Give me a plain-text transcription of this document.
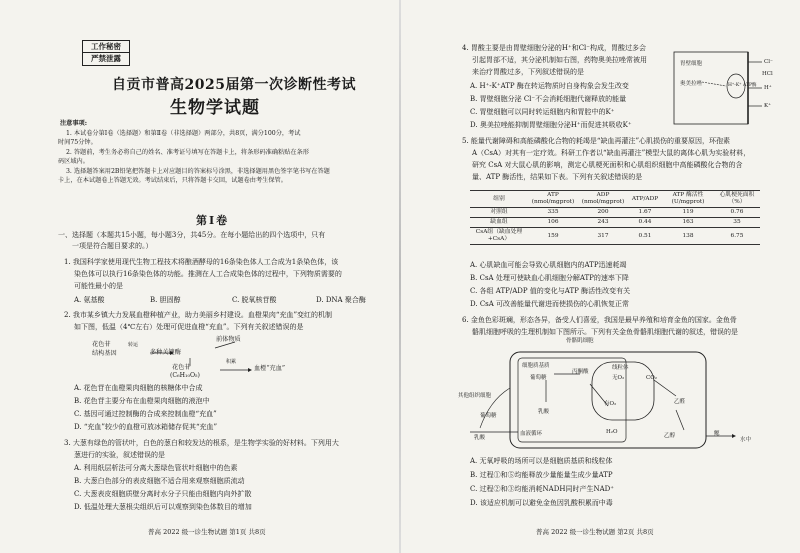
工作秘密
严禁泄露
自贡市普高2025届第一次诊断性考试
生物学试题
注意事项:
1. 本试卷分第Ⅰ卷（选择题）和第Ⅱ卷（非选择题）两部分，共8页，满分100分，考试
时间75分钟。
2. 答题前，考生务必将自己的姓名、准考证号填写在答题卡上，将条形码准确粘贴在条形
码区域内。
3. 选择题答案用2B铅笔把答题卡上对应题目的答案标号涂黑，非选择题用黑色签字笔书写在答题
卡上，在本试题卷上答题无效。考试结束后，只将答题卡交回，试题卷由考生保管。
第Ⅰ卷
一、选择题（本题共15小题，每小题3分，共45分。在每小题给出的四个选项中，只有
一项是符合题目要求的。）
1. 我国科学家使用现代生物工程技术将酿酒酵母的16条染色体人工合成为1条染色体，该
染色体可以执行16条染色体的功能。推测在人工合成染色体的过程中，下列物质需要的
可能性最小的是
A. 氨基酸	B. 胆固醇	C. 脱氧核苷酸	D. DNA 聚合酶
2. 我市某乡镇大力发展血橙种植产业，助力美丽乡村建设。血橙果肉“充血”变红的机制
如下图，低温（4℃左右）处理可促进血橙“充血”。下列有关叙述错误的是
花色苷	转运
结构基因	多种关键酶
前体物质
花色苷
积累
(C₆H₁₀O₅)
血橙“充血”
A. 花色苷在血橙果肉细胞的核糖体中合成
B. 花色苷主要分布在血橙果肉细胞的液泡中
C. 基因可通过控制酶的合成来控制血橙“充血”
D. “充血”较少的血橙可放冰箱储存促其“充血”
3. 大葱有绿色的管状叶，白色的葱白和较发达的根系，是生物学实验的好材料。下列用大
葱进行的实验，叙述错误的是
A. 利用纸层析法可分离大葱绿色管状叶细胞中的色素
B. 大葱白色部分的表皮细胞不适合用来观察细胞质流动
C. 大葱表皮细胞质壁分离时水分子只能由细胞内向外扩散
D. 低温处理大葱根尖组织后可以观察到染色体数目的增加
普高 2022 级一诊生物试题 第1页 共8页
4. 胃酸主要是由胃壁细胞分泌的H⁺和Cl⁻构成，胃酸过多会
引起胃部不适，其分泌机制如右图，药物奥美拉唑常被用
来治疗胃酸过多，下列叙述错误的是
A. H⁺-K⁺ATP 酶在转运物质时自身构象会发生改变
B. 胃壁细胞分泌 Cl⁻不会消耗细胞代谢释放的能量
C. 胃壁细胞可以同时转运细胞内和胃腔中的K⁺
D. 奥美拉唑能抑制胃壁细胞分泌H⁺而促进其吸收K⁺
胃壁细胞
奥美拉唑	H⁺-K⁺ ATP酶
HCl
Cl⁻
H⁺
K⁺
5. 能量代谢障碍和高能磷酸化合物的耗竭是“缺血再灌注”心肌损伤的重要原因，环孢素
A（CsA）对其有一定疗效。科研工作者以“缺血再灌注”模型大鼠的离体心肌为实验材料，
研究 CsA 对大鼠心肌的影响，测定心肌梗死面积和心肌组织细胞中高能磷酸化合物的含
量、ATP 酶活性，结果如下表。下列有关叙述错误的是
组别	ATP (nmol/mgprot)	ADP (nmol/mgprot)	ATP/ADP	ATP 酶活性 (U/mgprot)	心肌梗死面积（%）
对照组	335	200	1.67	119	0.76
缺血组	106	243	0.44	163	35
CsA组（缺血处理+CsA）	159	317	0.51	138	6.75
A. 心肌缺血可能会导致心肌细胞内的ATP迅速耗竭
B. CsA 处理可使缺血心肌细胞分解ATP的速率下降
C. 各组 ATP/ADP 值的变化与ATP 酶活性改变有关
D. CsA 可改善能量代谢进而使损伤的心肌恢复正常
6. 金鱼色彩斑斓，形态各异，备受人们喜爱，我国是最早养殖和培育金鱼的国家。金鱼骨
骼肌细胞呼吸的生理机制如下图所示。下列有关金鱼骨骼肌细胞代谢的叙述，错误的是
骨骼肌细胞
细胞质基质
葡萄糖
丙酮酸
线粒体
无O₂	CO₂
乙醛
乳酸
其他组织细胞
有O₂
血液循环	H₂O
乙醇	鳃
水中
葡萄糖
乳酸
A. 无氧呼吸的场所可以是细胞质基质和线粒体
B. 过程①和⑤均能释放少量能量生成少量ATP
C. 过程②和③均能消耗NADH同时产生NAD⁺
D. 该适应机制可以避免金鱼因乳酸积累而中毒
普高 2022 级一诊生物试题 第2页 共8页
